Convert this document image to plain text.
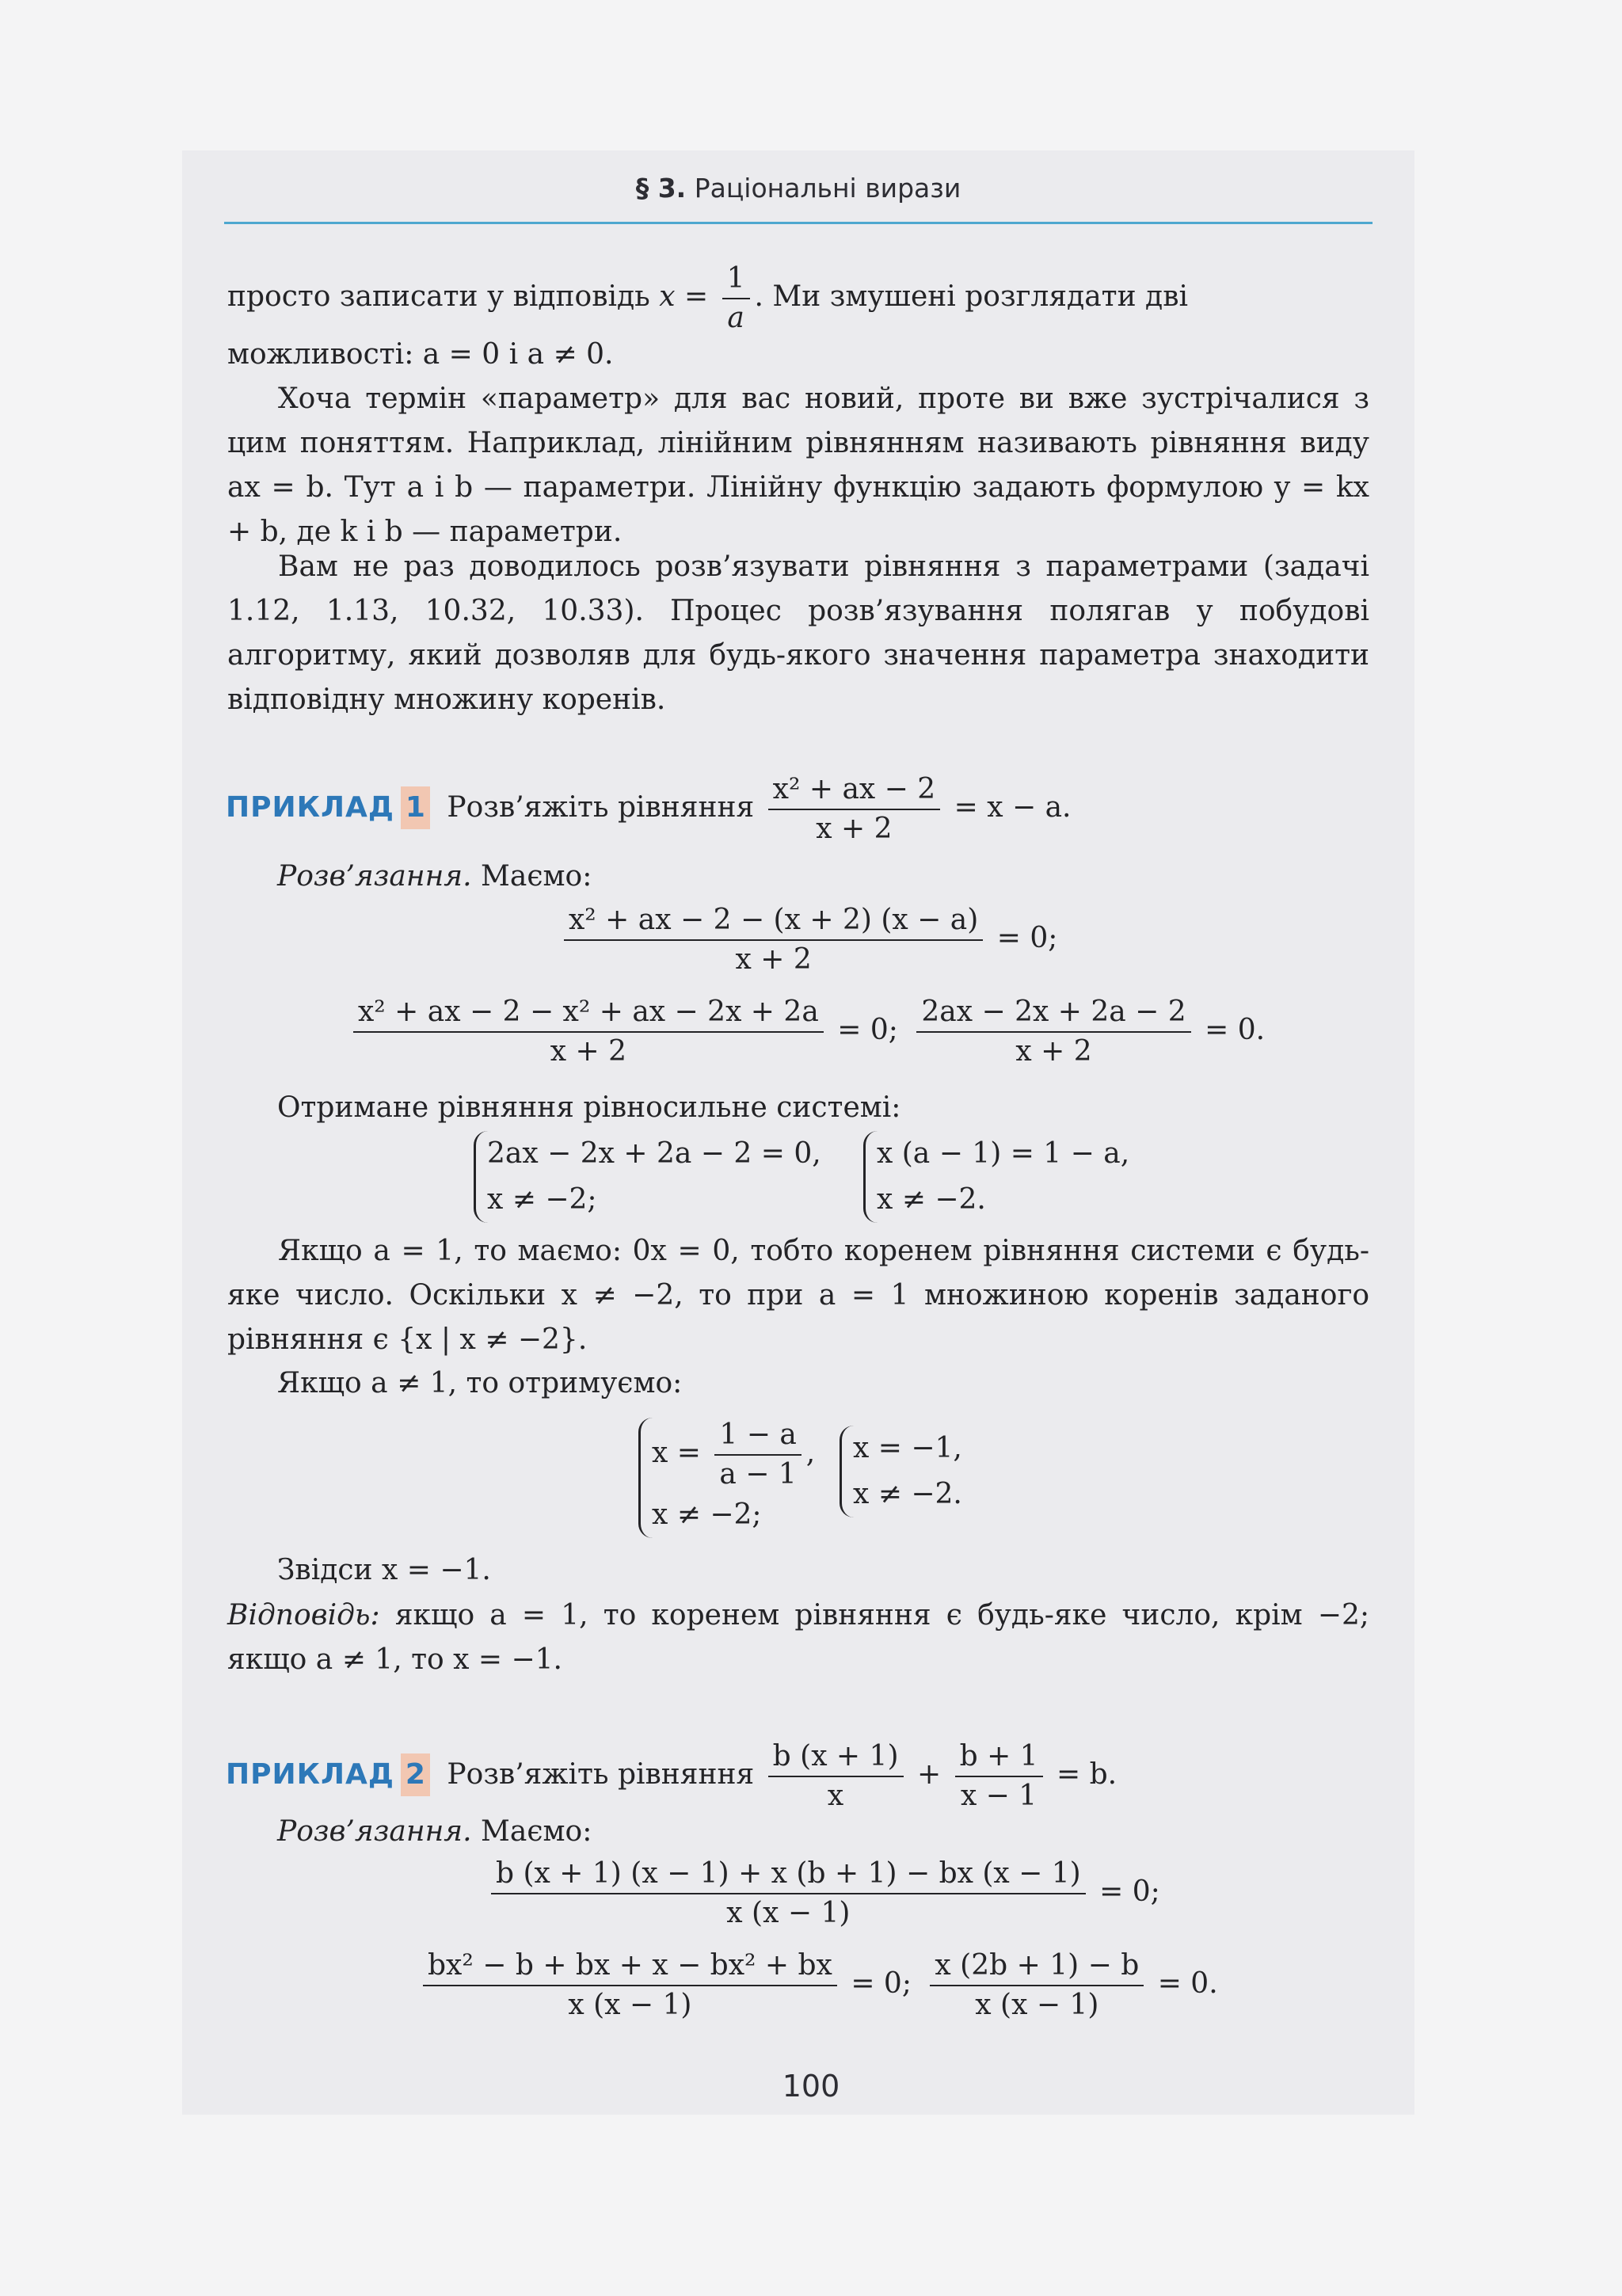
§ 3. Раціональні вирази
просто записати у відповідь $x = \frac{1}{a}$ . Ми змушені розглядати дві
можливості: a = 0 і a ≠ 0.
Хоча термін «параметр» для вас новий, проте ви вже зустрічалися з цим поняттям. Наприклад, лінійним рівнянням називають рівняння виду ax = b. Тут a і b — параметри. Лінійну функцію задають формулою y = kx + b, де k і b — параметри.
Вам не раз доводилось розв’язувати рівняння з параметрами (задачі 1.12, 1.13, 10.32, 10.33). Процес розв’язування полягав у побудові алгоритму, який дозволяв для будь-якого значення параметра знаходити відповідну множину коренів.
ПРИКЛАД 1 Розв’яжіть рівняння $\frac{\text{x² + ax − 2}}{x + 2} = x - a$.
Розв’язання. Маємо:
$\frac{\text{x² + ax − 2 − (x + 2) (x − a)}}{x + 2} = 0$;
$\frac{\text{x² + ax − 2 − x² + ax − 2x + 2a}}{x + 2} = 0$; $\frac{2ax - 2x + 2a - 2}{x + 2} = 0$.
Отримане рівняння рівносильне системі:
2ax − 2x + 2a − 2 = 0,
x ≠ −2;
x (a − 1) = 1 − a,
x ≠ −2.
Якщо a = 1, то маємо: 0x = 0, тобто коренем рівняння системи є будь-яке число. Оскільки x ≠ −2, то при a = 1 множиною коренів заданого рівняння є {x | x ≠ −2}.
Якщо a ≠ 1, то отримуємо:
$x = \frac{1 - a}{a - 1}$ ,
x ≠ −2;
x = −1,
x ≠ −2.
Звідси x = −1.
Відповідь: якщо a = 1, то коренем рівняння є будь-яке число, крім −2; якщо a ≠ 1, то x = −1.
ПРИКЛАД 2 Розв’яжіть рівняння $\frac{b (x + 1)}{x} + \frac{b + 1}{x - 1} = b$.
Розв’язання. Маємо:
$\frac{b (x + 1) (x - 1) + x (b + 1) - bx (x - 1)}{x (x - 1)} = 0$;
$\frac{\text{bx² − b + bx + x − bx² + bx}}{x (x - 1)} = 0$; $\frac{x (2b + 1) - b}{x (x - 1)} = 0$.
100
